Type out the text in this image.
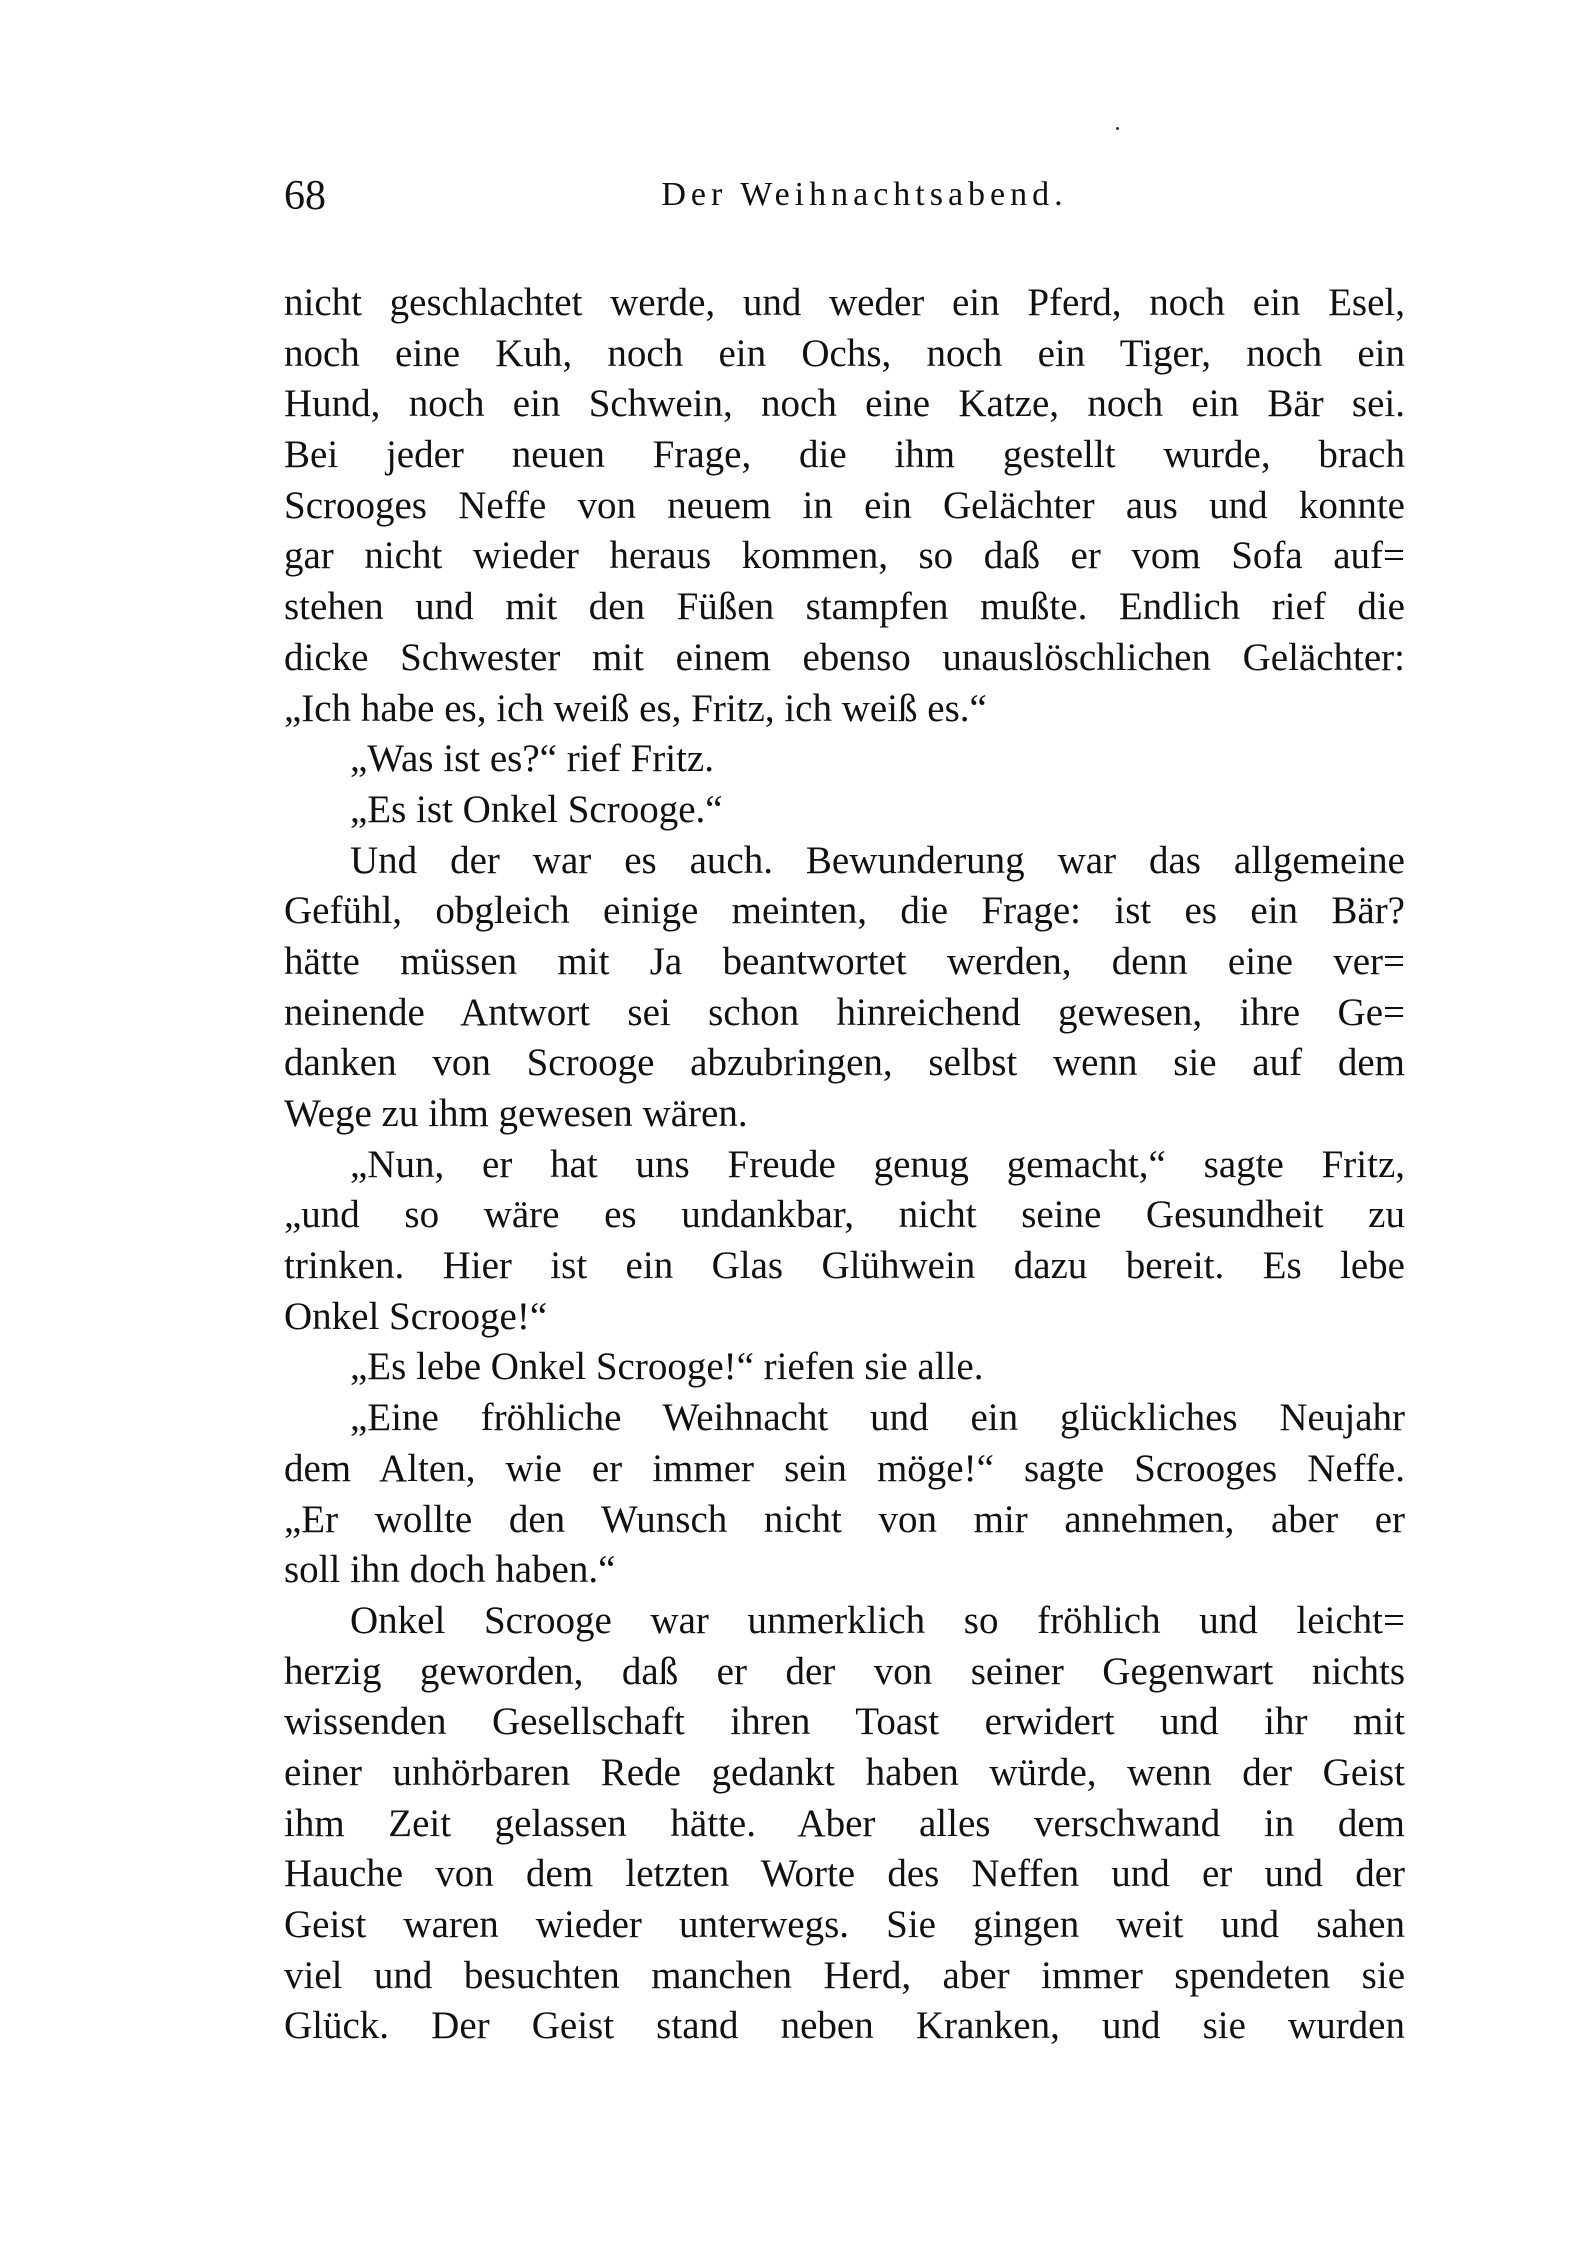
68	Der Weihnachtsabend.
nicht geschlachtet werde, und weder ein Pferd, noch ein Esel,
noch eine Kuh, noch ein Ochs, noch ein Tiger, noch ein
Hund, noch ein Schwein, noch eine Katze, noch ein Bär sei.
Bei jeder neuen Frage, die ihm gestellt wurde, brach
Scrooges Neffe von neuem in ein Gelächter aus und konnte
gar nicht wieder heraus kommen, so daß er vom Sofa auf=
stehen und mit den Füßen stampfen mußte. Endlich rief die
dicke Schwester mit einem ebenso unauslöschlichen Gelächter:
„Ich habe es, ich weiß es, Fritz, ich weiß es.“
„Was ist es?“ rief Fritz.
„Es ist Onkel Scrooge.“
Und der war es auch. Bewunderung war das allgemeine
Gefühl, obgleich einige meinten, die Frage: ist es ein Bär?
hätte müssen mit Ja beantwortet werden, denn eine ver=
neinende Antwort sei schon hinreichend gewesen, ihre Ge=
danken von Scrooge abzubringen, selbst wenn sie auf dem
Wege zu ihm gewesen wären.
„Nun, er hat uns Freude genug gemacht,“ sagte Fritz,
„und so wäre es undankbar, nicht seine Gesundheit zu
trinken. Hier ist ein Glas Glühwein dazu bereit. Es lebe
Onkel Scrooge!“
„Es lebe Onkel Scrooge!“ riefen sie alle.
„Eine fröhliche Weihnacht und ein glückliches Neujahr
dem Alten, wie er immer sein möge!“ sagte Scrooges Neffe.
„Er wollte den Wunsch nicht von mir annehmen, aber er
soll ihn doch haben.“
Onkel Scrooge war unmerklich so fröhlich und leicht=
herzig geworden, daß er der von seiner Gegenwart nichts
wissenden Gesellschaft ihren Toast erwidert und ihr mit
einer unhörbaren Rede gedankt haben würde, wenn der Geist
ihm Zeit gelassen hätte. Aber alles verschwand in dem
Hauche von dem letzten Worte des Neffen und er und der
Geist waren wieder unterwegs. Sie gingen weit und sahen
viel und besuchten manchen Herd, aber immer spendeten sie
Glück. Der Geist stand neben Kranken, und sie wurden
